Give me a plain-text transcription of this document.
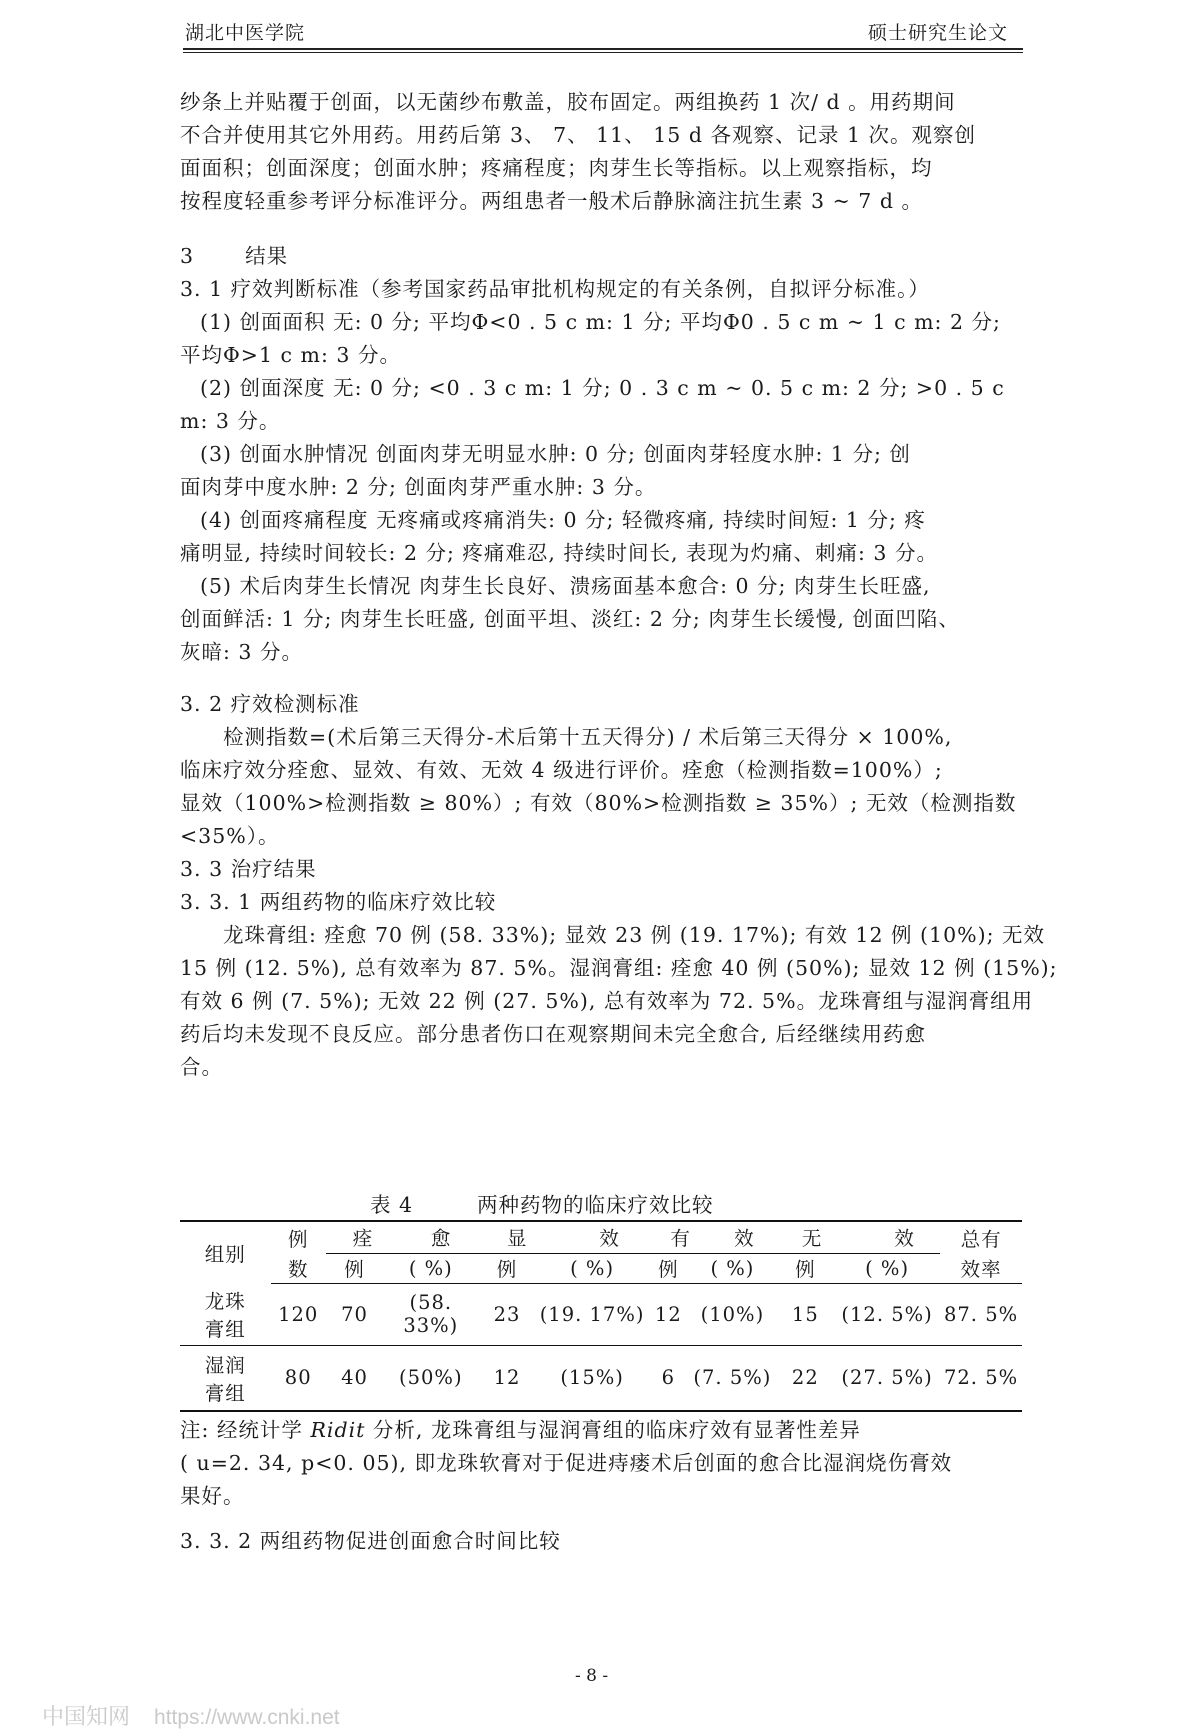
湖北中医学院	硕士研究生论文
纱条上并贴覆于创面，以无菌纱布敷盖，胶布固定。两组换药 1 次/ d 。用药期间
不合并使用其它外用药。用药后第 3、 7、 11、 15 d 各观察、记录 1 次。观察创
面面积；创面深度；创面水肿；疼痛程度；肉芽生长等指标。以上观察指标，均
按程度轻重参考评分标准评分。两组患者一般术后静脉滴注抗生素 3 ~ 7 d 。
3 结果
3. 1 疗效判断标准（参考国家药品审批机构规定的有关条例，自拟评分标准。）
(1) 创面面积 无: 0 分; 平均Φ<0 . 5 c m: 1 分; 平均Φ0 . 5 c m ~ 1 c m: 2 分;
平均Φ>1 c m: 3 分。
(2) 创面深度 无: 0 分; <0 . 3 c m: 1 分; 0 . 3 c m ~ 0. 5 c m: 2 分; >0 . 5 c
m: 3 分。
(3) 创面水肿情况 创面肉芽无明显水肿: 0 分; 创面肉芽轻度水肿: 1 分; 创
面肉芽中度水肿: 2 分; 创面肉芽严重水肿: 3 分。
(4) 创面疼痛程度 无疼痛或疼痛消失: 0 分; 轻微疼痛, 持续时间短: 1 分; 疼
痛明显, 持续时间较长: 2 分; 疼痛难忍, 持续时间长, 表现为灼痛、刺痛: 3 分。
(5) 术后肉芽生长情况 肉芽生长良好、溃疡面基本愈合: 0 分; 肉芽生长旺盛,
创面鲜活: 1 分; 肉芽生长旺盛, 创面平坦、淡红: 2 分; 肉芽生长缓慢, 创面凹陷、
灰暗: 3 分。
3. 2 疗效检测标准
检测指数=(术后第三天得分-术后第十五天得分) / 术后第三天得分 × 100%,
临床疗效分痊愈、显效、有效、无效 4 级进行评价。痊愈（检测指数=100%）;
显效（100%>检测指数 ≥ 80%）; 有效（80%>检测指数 ≥ 35%）; 无效（检测指数
<35%）。
3. 3 治疗结果
3. 3. 1 两组药物的临床疗效比较
龙珠膏组: 痊愈 70 例 (58. 33%); 显效 23 例 (19. 17%); 有效 12 例 (10%); 无效
15 例 (12. 5%), 总有效率为 87. 5%。湿润膏组: 痊愈 40 例 (50%); 显效 12 例 (15%);
有效 6 例 (7. 5%); 无效 22 例 (27. 5%), 总有效率为 72. 5%。龙珠膏组与湿润膏组用
药后均未发现不良反应。部分患者伤口在观察期间未完全愈合, 后经继续用药愈
合。
表 4	两种药物的临床疗效比较
组别	例	痊        愈		显          效		有      效		无          效		总有
	数	例	( %)	例	( %)	例	( %)	例	( %)	效率
龙珠
膏组	120	70	(58. 33%)	23	(19. 17%)	12	(10%)	15	(12. 5%)	87. 5%
湿润
膏组	80	40	(50%)	12	(15%)	6	(7. 5%)	22	(27. 5%)	72. 5%
注: 经统计学 Ridit 分析, 龙珠膏组与湿润膏组的临床疗效有显著性差异
( u=2. 34, p<0. 05), 即龙珠软膏对于促进痔瘘术后创面的愈合比湿润烧伤膏效
果好。
3. 3. 2 两组药物促进创面愈合时间比较
- 8 -
中国知网 https://www.cnki.net
